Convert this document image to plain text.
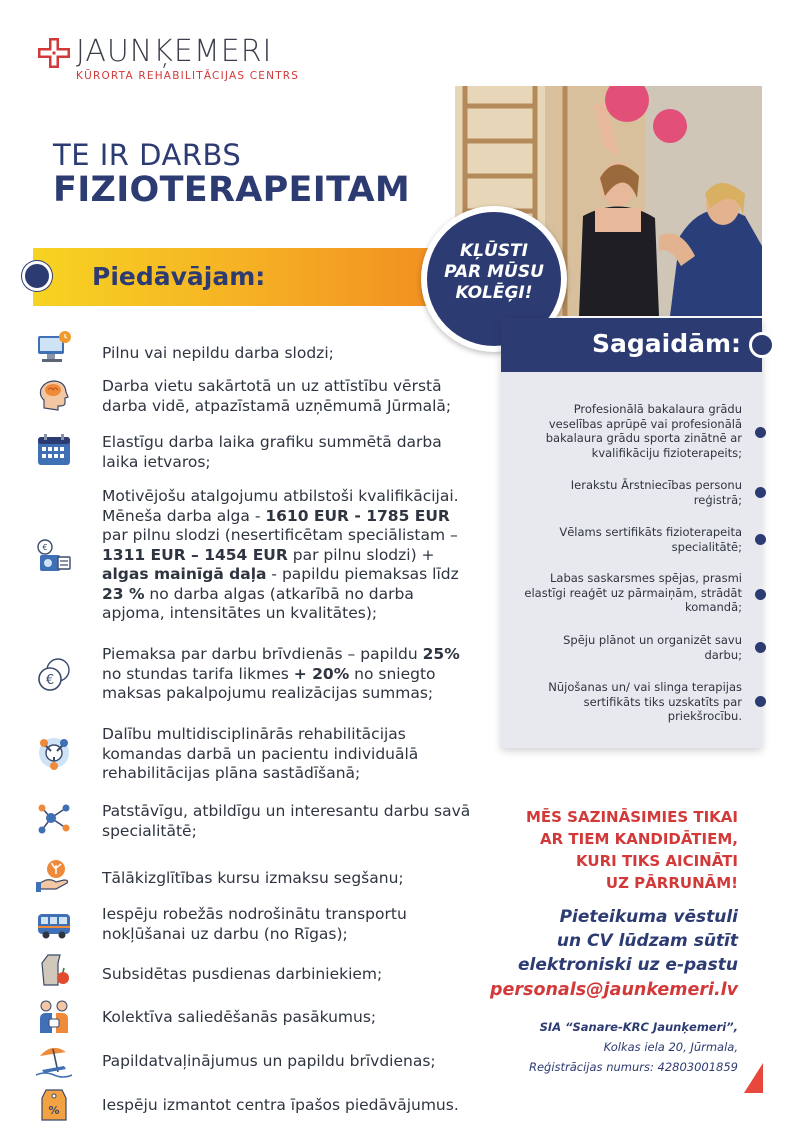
JAUNĶEMERI
KŪRORTA REHABILITĀCIJAS CENTRS
TE IR DARBS
FIZIOTERAPEITAM
Piedāvājam:
KĻŪSTI
PAR MŪSU
KOLĒĢI!
Sagaidām:
Profesionālā bakalaura grādu veselības aprūpē vai profesionālā bakalaura grādu sporta zinātnē ar kvalifikāciju fizioterapeits;
Ierakstu Ārstniecības personu reģistrā;
Vēlams sertifikāts fizioterapeita specialitātē;
Labas saskarsmes spējas, prasmi elastīgi reaģēt uz pārmaiņām, strādāt komandā;
Spēju plānot un organizēt savu darbu;
Nūjošanas un/ vai slinga terapijas sertifikāts tiks uzskatīts par priekšrocību.
Pilnu vai nepildu darba slodzi;
Darba vietu sakārtotā un uz attīstību vērstā darba vidē, atpazīstamā uzņēmumā Jūrmalā;
Elastīgu darba laika grafiku summētā darba laika ietvaros;
€
Motivējošu atalgojumu atbilstoši kvalifikācijai. Mēneša darba alga - 1610 EUR - 1785 EUR par pilnu slodzi (nesertificētam speciālistam – 1311 EUR – 1454 EUR par pilnu slodzi) + algas mainīgā daļa - papildu piemaksas līdz 23 % no darba algas (atkarībā no darba apjoma, intensitātes un kvalitātes);
€
Piemaksa par darbu brīvdienās – papildu 25% no stundas tarifa likmes + 20% no sniegto maksas pakalpojumu realizācijas summas;
Dalību multidisciplinārās rehabilitācijas komandas darbā un pacientu individuālā rehabilitācijas plāna sastādīšanā;
Patstāvīgu, atbildīgu un interesantu darbu savā specialitātē;
Tālākizglītības kursu izmaksu segšanu;
Iespēju robežās nodrošinātu transportu nokļūšanai uz darbu (no Rīgas);
Subsidētas pusdienas darbiniekiem;
Kolektīva saliedēšanās pasākumus;
Papildatvaļinājumus un papildu brīvdienas;
%	Iespēju izmantot centra īpašos piedāvājumus.
MĒS SAZINĀSIMIES TIKAI
AR TIEM KANDIDĀTIEM,
KURI TIKS AICINĀTI
UZ PĀRRUNĀM!
Pieteikuma vēstuli
un CV lūdzam sūtīt
elektroniski uz e-pastu
personals@jaunkemeri.lv
SIA “Sanare-KRC Jaunķemeri”,
Kolkas iela 20, Jūrmala,
Reģistrācijas numurs: 42803001859
